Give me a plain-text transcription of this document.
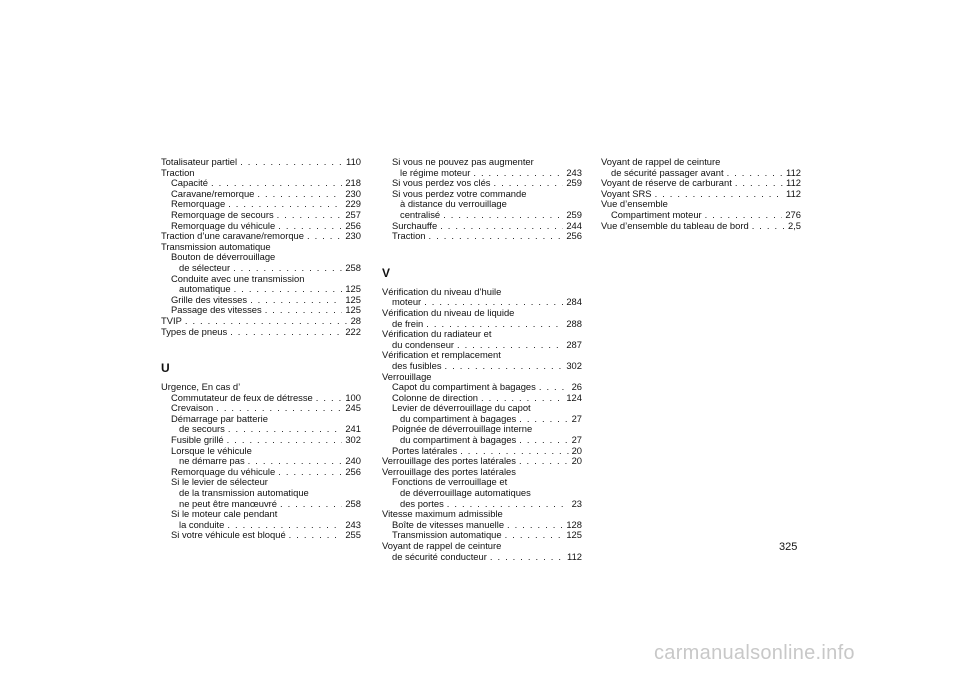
Totalisateur partiel . . .	110
Traction
Capacité . . .	218
Caravane/remorque . . .	230
Remorquage . . .	229
Remorquage de secours . . .	257
Remorquage du véhicule . . .	256
Traction d’une caravane/remorque . . .	230
Transmission automatique
Bouton de déverrouillage
de sélecteur . . .	258
Conduite avec une transmission
automatique . . .	125
Grille des vitesses . . .	125
Passage des vitesses . . .	125
TVIP . . .	28
Types de pneus . . .	222
U
Urgence, En cas d’
Commutateur de feux de détresse . . .	100
Crevaison . . .	245
Démarrage par batterie
de secours . . .	241
Fusible grillé . . .	302
Lorsque le véhicule
ne démarre pas . . .	240
Remorquage du véhicule . . .	256
Si le levier de sélecteur
de la transmission automatique
ne peut être manœuvré . . .	258
Si le moteur cale pendant
la conduite . . .	243
Si votre véhicule est bloqué . . .	255
Si vous ne pouvez pas augmenter
le régime moteur . . .	243
Si vous perdez vos clés . . .	259
Si vous perdez votre commande
à distance du verrouillage
centralisé . . .	259
Surchauffe . . .	244
Traction . . .	256
V
Vérification du niveau d’huile
moteur . . .	284
Vérification du niveau de liquide
de frein . . .	288
Vérification du radiateur et
du condenseur . . .	287
Vérification et remplacement
des fusibles . . .	302
Verrouillage
Capot du compartiment à bagages . . .	26
Colonne de direction . . .	124
Levier de déverrouillage du capot
du compartiment à bagages . . .	27
Poignée de déverrouillage interne
du compartiment à bagages . . .	27
Portes latérales . . .	20
Verrouillage des portes latérales . . .	20
Verrouillage des portes latérales
Fonctions de verrouillage et
de déverrouillage automatiques
des portes . . .	23
Vitesse maximum admissible
Boîte de vitesses manuelle . . .	128
Transmission automatique . . .	125
Voyant de rappel de ceinture
de sécurité conducteur . . .	112
Voyant de rappel de ceinture
de sécurité passager avant . . .	112
Voyant de réserve de carburant . . .	112
Voyant SRS . . .	112
Vue d’ensemble
Compartiment moteur . . .	276
Vue d’ensemble du tableau de bord . . .	2,5
325
carmanualsonline.info
